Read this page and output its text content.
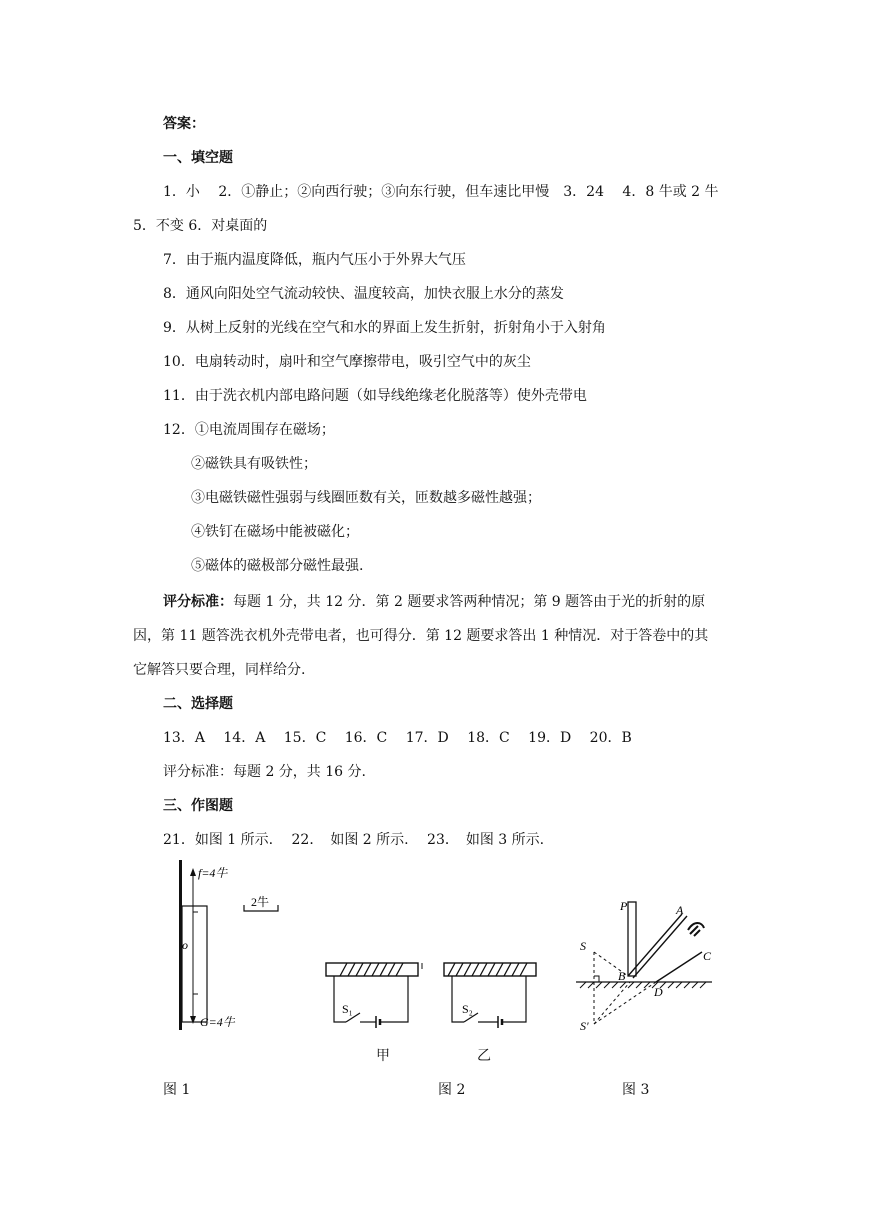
答案：
一、填空题
1．小　 2．①静止；②向西行驶；③向东行驶，但车速比甲慢　3．24　 4．8 牛或 2 牛
5．不变 6．对桌面的
7．由于瓶内温度降低，瓶内气压小于外界大气压
8．通风向阳处空气流动较快、温度较高，加快衣服上水分的蒸发
9．从树上反射的光线在空气和水的界面上发生折射，折射角小于入射角
10．电扇转动时，扇叶和空气摩擦带电，吸引空气中的灰尘
11．由于洗衣机内部电路问题（如导线绝缘老化脱落等）使外壳带电
12．①电流周围存在磁场；
②磁铁具有吸铁性；
③电磁铁磁性强弱与线圈匝数有关，匝数越多磁性越强；
④铁钉在磁场中能被磁化；
⑤磁体的磁极部分磁性最强.
评分标准：每题 1 分，共 12 分．第 2 题要求答两种情况；第 9 题答由于光的折射的原
因，第 11 题答洗衣机外壳带电者，也可得分．第 12 题要求答出 1 种情况．对于答卷中的其
它解答只要合理，同样给分.
二、选择题
13．A　 14．A　 15．C　 16．C　 17．D　 18．C　 19．D　 20．B
评分标准：每题 2 分，共 16 分.
三、作图题
21．如图 1 所示.　 22．　如图 2 所示.　 23．　如图 3 所示.
f=4牛
o
G=4牛
2牛
S₁	S₂
甲	乙
P	A
C
S
B
D
S'
图 1	图 2	图 3
